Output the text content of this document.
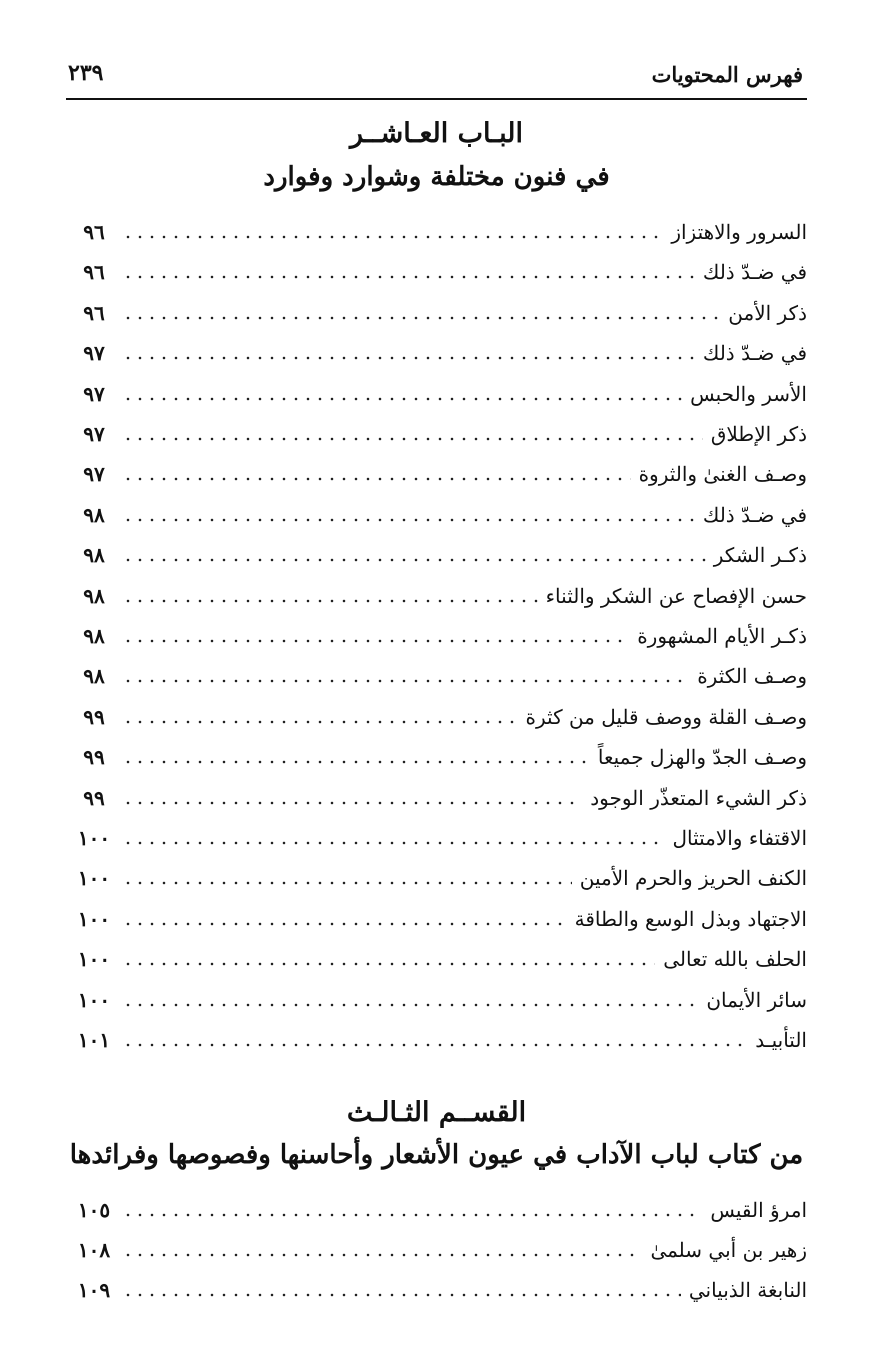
فهرس المحتويات
٢٣٩
البـاب العـاشــر
في فنون مختلفة وشوارد وفوارد
السرور والاهتزاز
٩٦
في ضـدّ ذلك
٩٦
ذكر الأمن
٩٦
في ضـدّ ذلك
٩٧
الأسر والحبس
٩٧
ذكر الإطلاق
٩٧
وصـف الغنىٰ والثروة
٩٧
في ضـدّ ذلك
٩٨
ذكـر الشكر
٩٨
حسن الإفصاح عن الشكر والثناء
٩٨
ذكـر الأيام المشهورة
٩٨
وصـف الكثرة
٩٨
وصـف القلة ووصف قليل من كثرة
٩٩
وصـف الجدّ والهزل جميعاً
٩٩
ذكر الشيء المتعذّر الوجود
٩٩
الاقتفاء والامتثال
١٠٠
الكنف الحريز والحرم الأمين
١٠٠
الاجتهاد وبذل الوسع والطاقة
١٠٠
الحلف بالله تعالى
١٠٠
سائر الأيمان
١٠٠
التأبيـد
١٠١
القســم الثـالـث
من كتاب لباب الآداب في عيون الأشعار وأحاسنها وفصوصها وفرائدها
امرؤ القيس
١٠٥
زهير بن أبي سلمىٰ
١٠٨
النابغة الذبياني
١٠٩
